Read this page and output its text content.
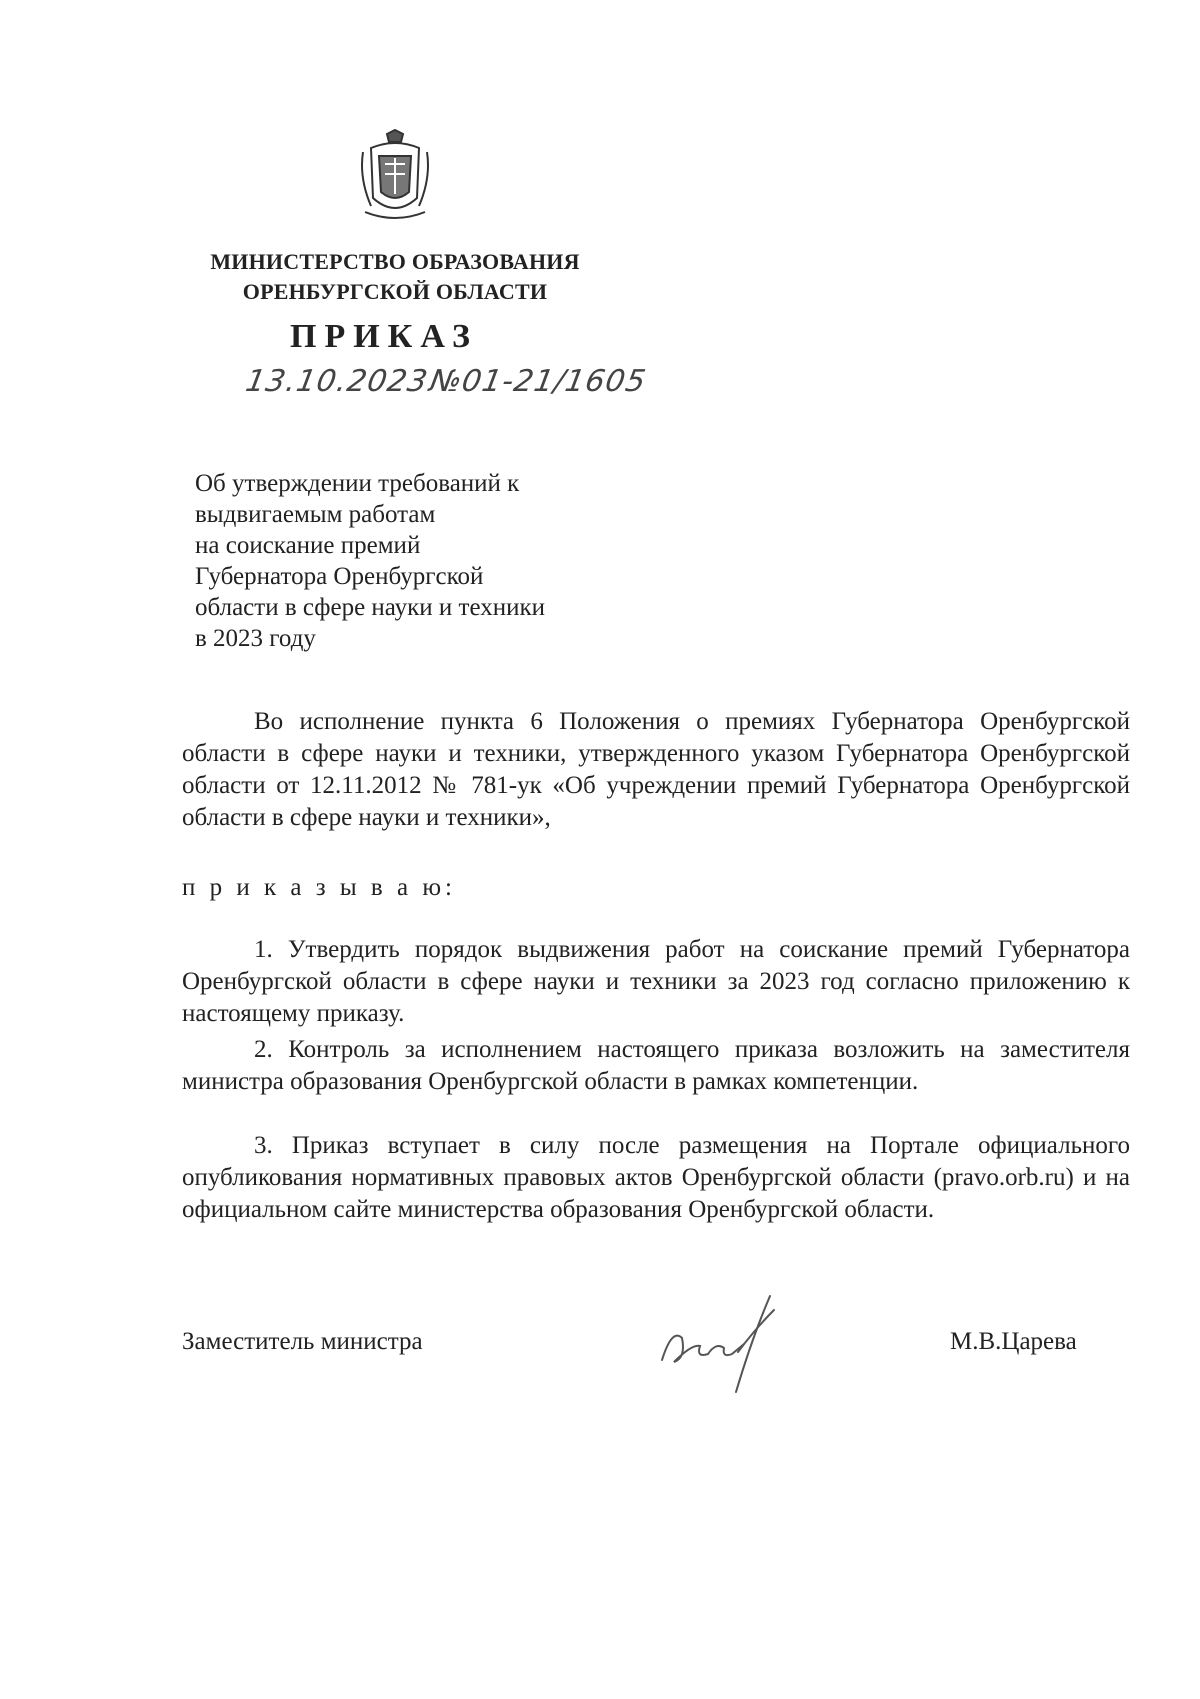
МИНИСТЕРСТВО ОБРАЗОВАНИЯ
ОРЕНБУРГСКОЙ ОБЛАСТИ
ПРИКАЗ
13.10.2023
№01-21/1605
Об утверждении требований к
выдвигаемым работам
на соискание премий
Губернатора Оренбургской
области в сфере науки и техники
в 2023 году
Во исполнение пункта 6 Положения о премиях Губернатора Оренбургской области в сфере науки и техники, утвержденного указом Губернатора Оренбургской области от 12.11.2012 № 781-ук «Об учреждении премий Губернатора Оренбургской области в сфере науки и техники»,
п р и к а з ы в а ю:
1. Утвердить порядок выдвижения работ на соискание премий Губернатора Оренбургской области в сфере науки и техники за 2023 год согласно приложению к настоящему приказу.
2. Контроль за исполнением настоящего приказа возложить на заместителя министра образования Оренбургской области в рамках компетенции.
3. Приказ вступает в силу после размещения на Портале официального опубликования нормативных правовых актов Оренбургской области (pravo.orb.ru) и на официальном сайте министерства образования Оренбургской области.
Заместитель министра	М.В.Царева
